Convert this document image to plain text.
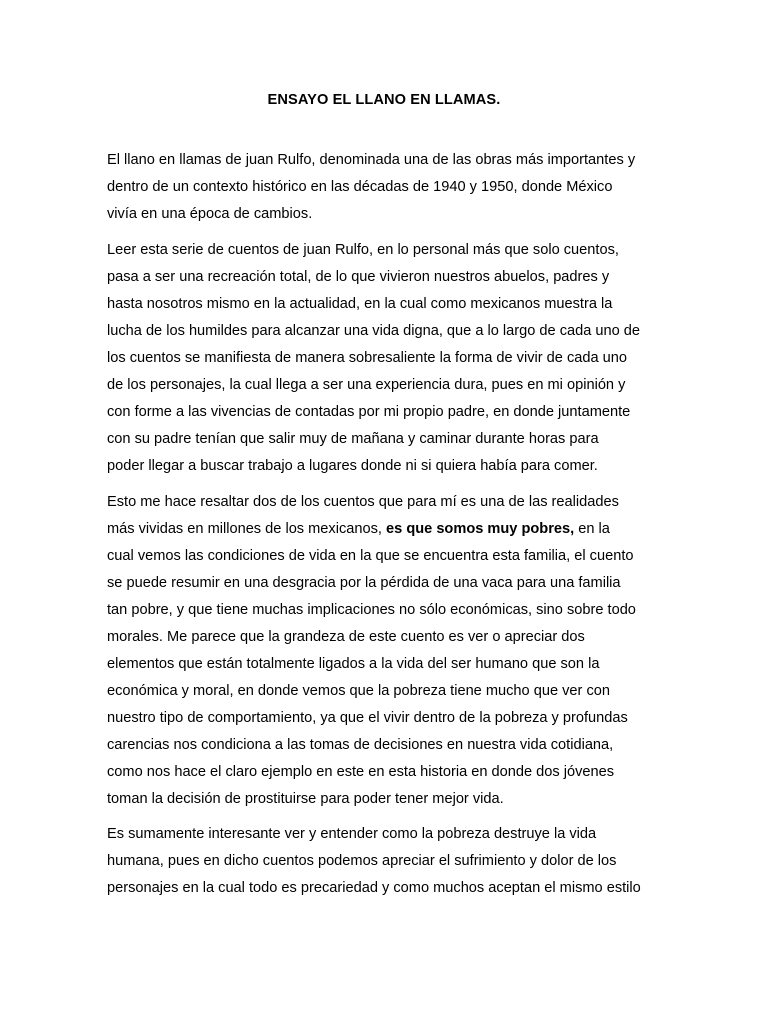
ENSAYO EL LLANO EN LLAMAS.
El llano en llamas de juan Rulfo, denominada una de las obras más importantes y
dentro de un contexto histórico en las décadas de 1940 y 1950, donde México
vivía en una época de cambios.
Leer esta serie de cuentos de juan Rulfo, en lo personal más que solo cuentos,
pasa a ser una recreación total, de lo que vivieron nuestros abuelos, padres y
hasta nosotros mismo en la actualidad, en la cual como mexicanos muestra la
lucha de los humildes para alcanzar una vida digna, que a lo largo de cada uno de
los cuentos se manifiesta de manera sobresaliente la forma de vivir de cada uno
de los personajes, la cual llega a ser una experiencia dura, pues en mi opinión y
con forme a las vivencias de contadas por mi propio padre, en donde juntamente
con su padre tenían que salir muy de mañana y caminar durante horas para
poder llegar a buscar trabajo a lugares donde ni si quiera había para comer.
Esto me hace resaltar dos de los cuentos que para mí es una de las realidades
más vividas en millones de los mexicanos, es que somos muy pobres, en la
cual vemos las condiciones de vida en la que se encuentra esta familia, el cuento
se puede resumir en una desgracia por la pérdida de una vaca para una familia
tan pobre, y que tiene muchas implicaciones no sólo económicas, sino sobre todo
morales. Me parece que la grandeza de este cuento es ver o apreciar dos
elementos que están totalmente ligados a la vida del ser humano que son la
económica y moral, en donde vemos que la pobreza tiene mucho que ver con
nuestro tipo de comportamiento, ya que el vivir dentro de la pobreza y profundas
carencias nos condiciona a las tomas de decisiones en nuestra vida cotidiana,
como nos hace el claro ejemplo en este en esta historia en donde dos jóvenes
toman la decisión de prostituirse para poder tener mejor vida.
Es sumamente interesante ver y entender como la pobreza destruye la vida
humana, pues en dicho cuentos podemos apreciar el sufrimiento y dolor de los
personajes en la cual todo es precariedad y como muchos aceptan el mismo estilo
